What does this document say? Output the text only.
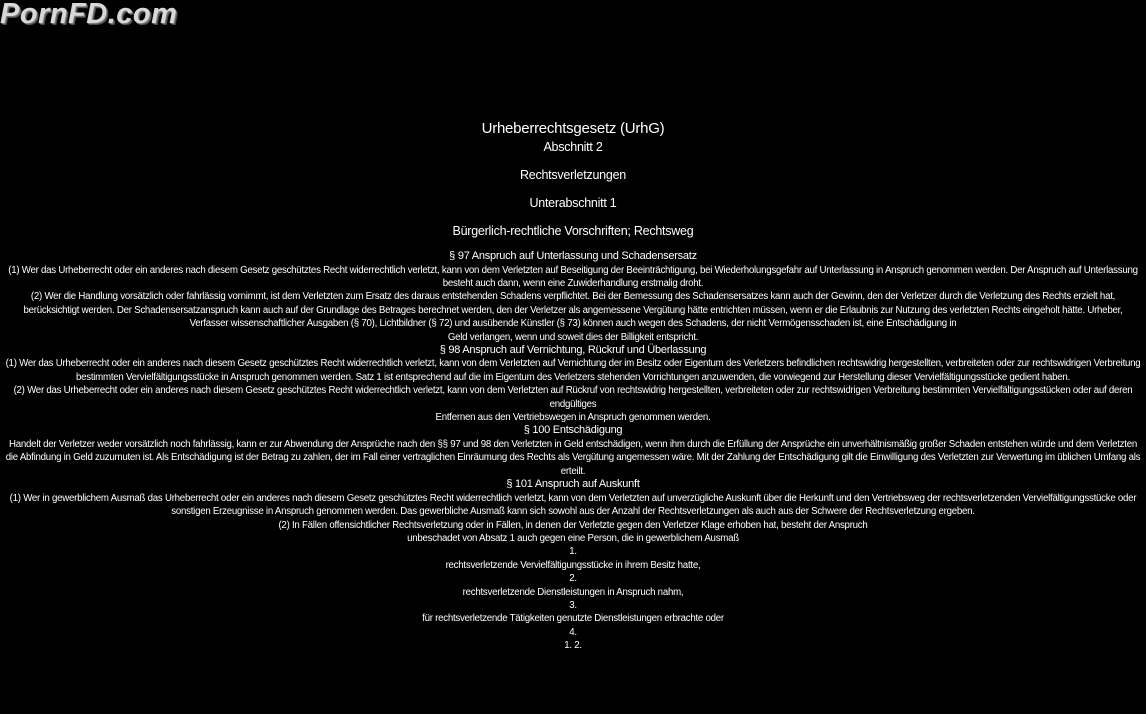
PornFD.com
Urheberrechtsgesetz (UrhG)
Abschnitt 2
Rechtsverletzungen
Unterabschnitt 1
Bürgerlich-rechtliche Vorschriften; Rechtsweg
§ 97 Anspruch auf Unterlassung und Schadensersatz
(1) Wer das Urheberrecht oder ein anderes nach diesem Gesetz geschütztes Recht widerrechtlich verletzt, kann von dem Verletzten auf Beseitigung der Beeinträchtigung, bei Wiederholungsgefahr auf Unterlassung in Anspruch genommen werden. Der Anspruch auf Unterlassung
besteht auch dann, wenn eine Zuwiderhandlung erstmalig droht.
(2) Wer die Handlung vorsätzlich oder fahrlässig vornimmt, ist dem Verletzten zum Ersatz des daraus entstehenden Schadens verpflichtet. Bei der Bemessung des Schadensersatzes kann auch der Gewinn, den der Verletzer durch die Verletzung des Rechts erzielt hat, berücksichtigt werden. Der Schadensersatzanspruch kann auch auf der Grundlage des Betrages berechnet werden, den der Verletzer als angemessene Vergütung hätte entrichten müssen, wenn er die Erlaubnis zur Nutzung des verletzten Rechts eingeholt hätte. Urheber, Verfasser wissenschaftlicher Ausgaben (§ 70), Lichtbildner (§ 72) und ausübende Künstler (§ 73) können auch wegen des Schadens, der nicht Vermögensschaden ist, eine Entschädigung in
Geld verlangen, wenn und soweit dies der Billigkeit entspricht.
§ 98 Anspruch auf Vernichtung, Rückruf und Überlassung
(1) Wer das Urheberrecht oder ein anderes nach diesem Gesetz geschütztes Recht widerrechtlich verletzt, kann von dem Verletzten auf Vernichtung der im Besitz oder Eigentum des Verletzers befindlichen rechtswidrig hergestellten, verbreiteten oder zur rechtswidrigen Verbreitung bestimmten Vervielfältigungsstücke in Anspruch genommen werden. Satz 1 ist entsprechend auf die im Eigentum des Verletzers stehenden Vorrichtungen anzuwenden, die vorwiegend zur Herstellung dieser Vervielfältigungsstücke gedient haben.
(2) Wer das Urheberrecht oder ein anderes nach diesem Gesetz geschütztes Recht widerrechtlich verletzt, kann von dem Verletzten auf Rückruf von rechtswidrig hergestellten, verbreiteten oder zur rechtswidrigen Verbreitung bestimmten Vervielfältigungsstücken oder auf deren endgültiges
Entfernen aus den Vertriebswegen in Anspruch genommen werden.
§ 100 Entschädigung
Handelt der Verletzer weder vorsätzlich noch fahrlässig, kann er zur Abwendung der Ansprüche nach den §§ 97 und 98 den Verletzten in Geld entschädigen, wenn ihm durch die Erfüllung der Ansprüche ein unverhältnismäßig großer Schaden entstehen würde und dem Verletzten die Abfindung in Geld zuzumuten ist. Als Entschädigung ist der Betrag zu zahlen, der im Fall einer vertraglichen Einräumung des Rechts als Vergütung angemessen wäre. Mit der Zahlung der Entschädigung gilt die Einwilligung des Verletzten zur Verwertung im üblichen Umfang als erteilt.
§ 101 Anspruch auf Auskunft
(1) Wer in gewerblichem Ausmaß das Urheberrecht oder ein anderes nach diesem Gesetz geschütztes Recht widerrechtlich verletzt, kann von dem Verletzten auf unverzügliche Auskunft über die Herkunft und den Vertriebsweg der rechtsverletzenden Vervielfältigungsstücke oder sonstigen Erzeugnisse in Anspruch genommen werden. Das gewerbliche Ausmaß kann sich sowohl aus der Anzahl der Rechtsverletzungen als auch aus der Schwere der Rechtsverletzung ergeben.
(2) In Fällen offensichtlicher Rechtsverletzung oder in Fällen, in denen der Verletzte gegen den Verletzer Klage erhoben hat, besteht der Anspruch
unbeschadet von Absatz 1 auch gegen eine Person, die in gewerblichem Ausmaß
1.
rechtsverletzende Vervielfältigungsstücke in ihrem Besitz hatte,
2.
rechtsverletzende Dienstleistungen in Anspruch nahm,
3.
für rechtsverletzende Tätigkeiten genutzte Dienstleistungen erbrachte oder
4.
1. 2.
